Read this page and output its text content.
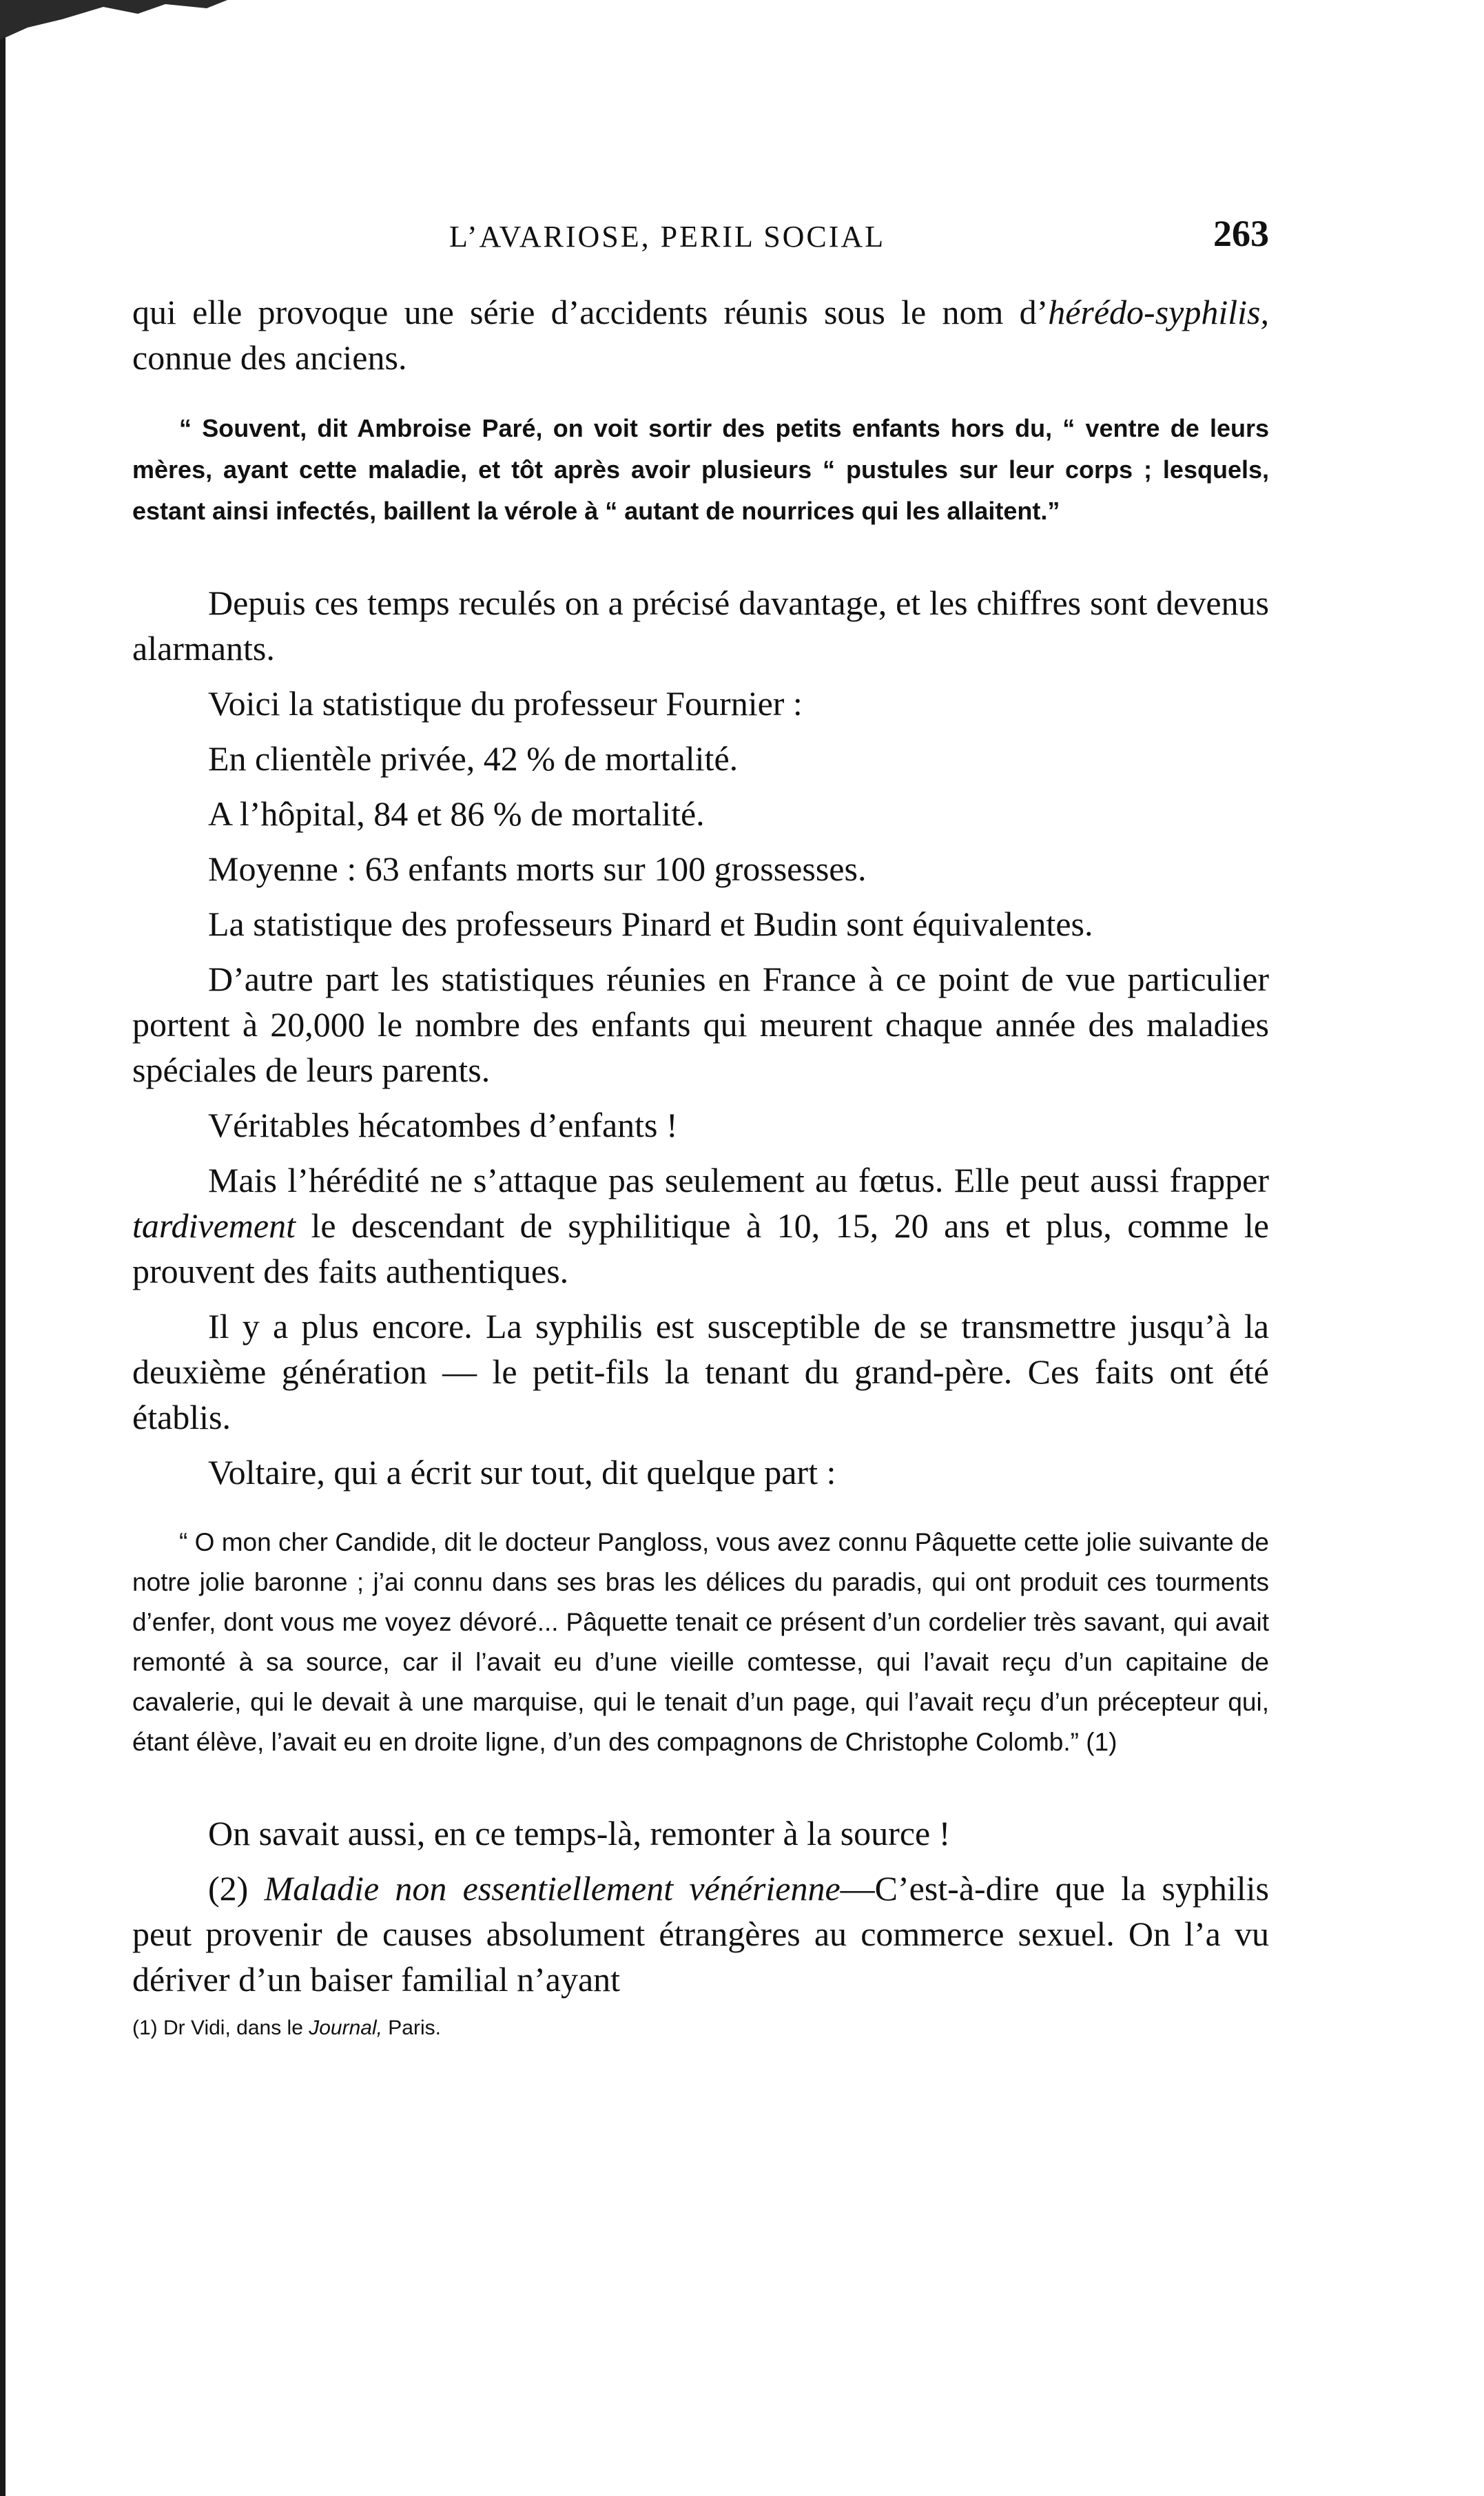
L’AVARIOSE, PERIL SOCIAL	263

qui elle provoque une série d’accidents réunis sous le nom d’hérédo-syphilis, connue des anciens.

“ Souvent, dit Ambroise Paré, on voit sortir des petits enfants hors du, “ ventre de leurs mères, ayant cette maladie, et tôt après avoir plusieurs “ pustules sur leur corps ; lesquels, estant ainsi infectés, baillent la vérole à “ autant de nourrices qui les allaitent.”

Depuis ces temps reculés on a précisé davantage, et les chiffres sont devenus alarmants.

Voici la statistique du professeur Fournier :

En clientèle privée, 42 % de mortalité.

A l’hôpital, 84 et 86 % de mortalité.

Moyenne : 63 enfants morts sur 100 grossesses.

La statistique des professeurs Pinard et Budin sont équivalentes.

D’autre part les statistiques réunies en France à ce point de vue particulier portent à 20,000 le nombre des enfants qui meurent chaque année des maladies spéciales de leurs parents.

Véritables hécatombes d’enfants !

Mais l’hérédité ne s’attaque pas seulement au fœtus. Elle peut aussi frapper tardivement le descendant de syphilitique à 10, 15, 20 ans et plus, comme le prouvent des faits authentiques.

Il y a plus encore. La syphilis est susceptible de se transmettre jusqu’à la deuxième génération — le petit-fils la tenant du grand-père. Ces faits ont été établis.

Voltaire, qui a écrit sur tout, dit quelque part :

“ O mon cher Candide, dit le docteur Pangloss, vous avez connu Pâquette cette jolie suivante de notre jolie baronne ; j’ai connu dans ses bras les délices du paradis, qui ont produit ces tourments d’enfer, dont vous me voyez dévoré... Pâquette tenait ce présent d’un cordelier très savant, qui avait remonté à sa source, car il l’avait eu d’une vieille comtesse, qui l’avait reçu d’un capitaine de cavalerie, qui le devait à une marquise, qui le tenait d’un page, qui l’avait reçu d’un précepteur qui, étant élève, l’avait eu en droite ligne, d’un des compagnons de Christophe Colomb.” (1)

On savait aussi, en ce temps-là, remonter à la source !

(2) Maladie non essentiellement vénérienne—C’est-à-dire que la syphilis peut provenir de causes absolument étrangères au commerce sexuel. On l’a vu dériver d’un baiser familial n’ayant

(1) Dr Vidi, dans le Journal, Paris.
